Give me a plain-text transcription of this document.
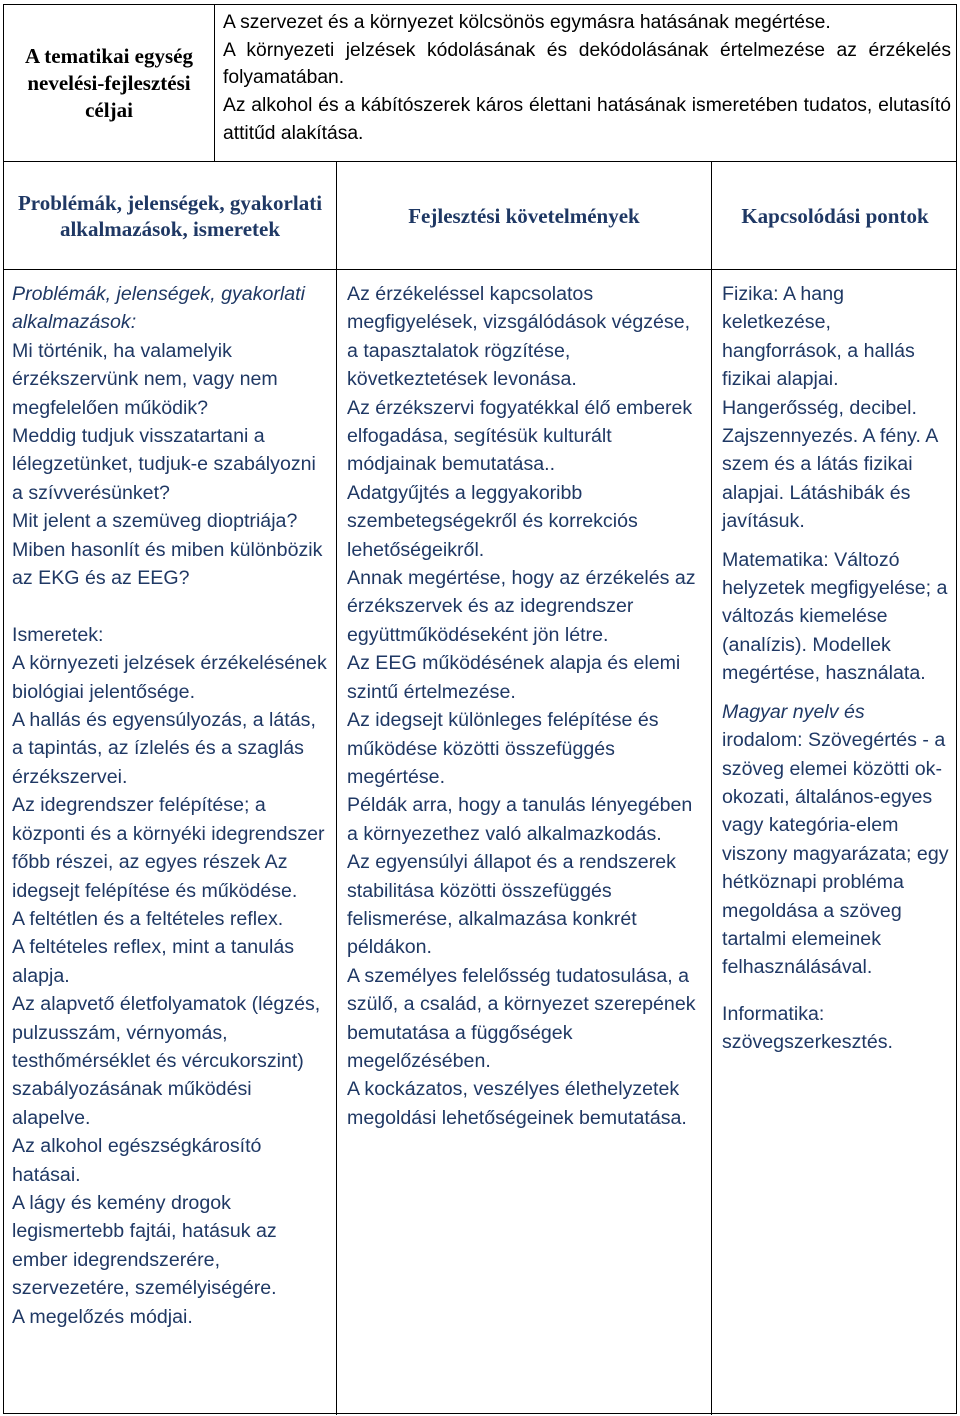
A tematikai egység nevelési-fejlesztési céljai

A szervezet és a környezet kölcsönös egymásra hatásának megértése.

A környezeti jelzések kódolásának és dekódolásának értelmezése az érzékelés folyamatában.

Az alkohol és a kábítószerek káros élettani hatásának ismeretében tudatos, elutasító attitűd alakítása.

Problémák, jelenségek, gyakorlati alkalmazások, ismeretek
Fejlesztési követelmények	Kapcsolódási pontok

Problémák, jelenségek, gyakorlati alkalmazások:

Mi történik, ha valamelyik érzékszervünk nem, vagy nem megfelelően működik?

Meddig tudjuk visszatartani a lélegzetünket, tudjuk-e szabályozni a szívverésünket?

Mit jelent a szemüveg dioptriája?

Miben hasonlít és miben különbözik az EKG és az EEG?

Ismeretek:

A környezeti jelzések érzékelésének biológiai jelentősége.

A hallás és egyensúlyozás, a látás, a tapintás, az ízlelés és a szaglás érzékszervei.

Az idegrendszer felépítése; a központi és a környéki idegrendszer főbb részei, az egyes részek Az idegsejt felépítése és működése.

A feltétlen és a feltételes reflex.

A feltételes reflex, mint a tanulás alapja.

Az alapvető életfolyamatok (légzés, pulzusszám, vérnyomás, testhőmérséklet és vércukorszint) szabályozásának működési alapelve.

Az alkohol egészségkárosító hatásai.

A lágy és kemény drogok legismertebb fajtái, hatásuk az ember idegrendszerére, szervezetére, személyiségére.

A megelőzés módjai.

Az érzékeléssel kapcsolatos megfigyelések, vizsgálódások végzése, a tapasztalatok rögzítése, következtetések levonása.

Az érzékszervi fogyatékkal élő emberek elfogadása, segítésük kulturált módjainak bemutatása..

Adatgyűjtés a leggyakoribb szembetegségekről és korrekciós lehetőségeikről.

Annak megértése, hogy az érzékelés az érzékszervek és az idegrendszer együttműködéseként jön létre.

Az EEG működésének alapja és elemi szintű értelmezése.

Az idegsejt különleges felépítése és működése közötti összefüggés megértése.

Példák arra, hogy a tanulás lényegében a környezethez való alkalmazkodás.

Az egyensúlyi állapot és a rendszerek stabilitása közötti összefüggés felismerése, alkalmazása konkrét példákon.

A személyes felelősség tudatosulása, a szülő, a család, a környezet szerepének bemutatása a függőségek megelőzésében.

A kockázatos, veszélyes élethelyzetek megoldási lehetőségeinek bemutatása.

Fizika: A hang keletkezése, hangforrások, a hallás fizikai alapjai. Hangerősség, decibel. Zajszennyezés. A fény. A szem és a látás fizikai alapjai. Látáshibák és javításuk.

Matematika: Változó helyzetek megfigyelése; a változás kiemelése (analízis). Modellek megértése, használata.

Magyar nyelv és
irodalom: Szövegértés - a szöveg elemei közötti ok-okozati, általános-egyes vagy kategória-elem viszony magyarázata; egy hétköznapi probléma megoldása a szöveg tartalmi elemeinek felhasználásával.

Informatika: szövegszerkesztés.
